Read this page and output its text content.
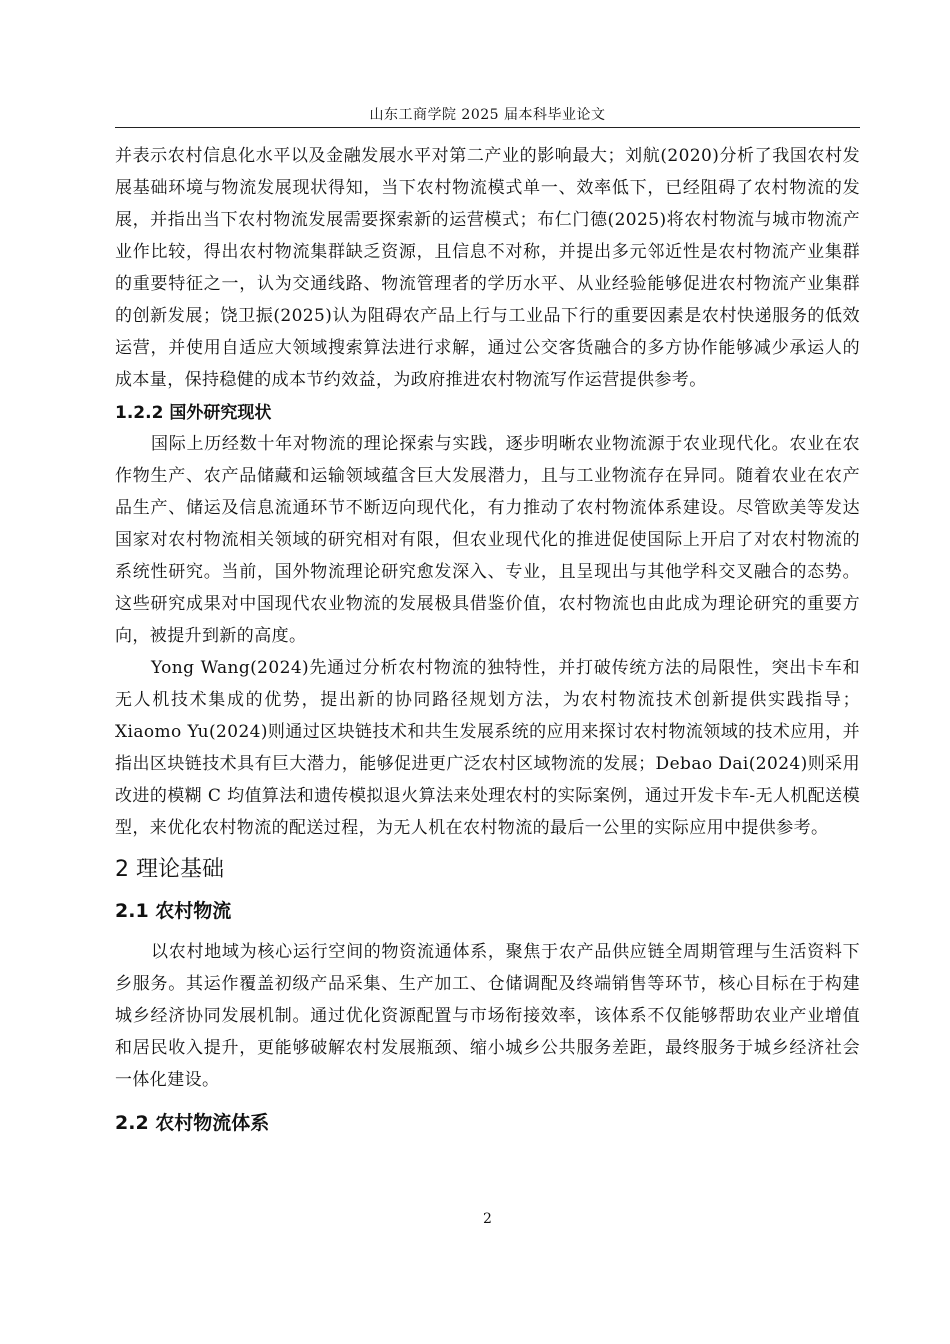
山东工商学院 2025 届本科毕业论文

并表示农村信息化水平以及金融发展水平对第二产业的影响最大；刘航(2020)分析了我国农村发展基础环境与物流发展现状得知，当下农村物流模式单一、效率低下，已经阻碍了农村物流的发展，并指出当下农村物流发展需要探索新的运营模式；布仁门德(2025)将农村物流与城市物流产业作比较，得出农村物流集群缺乏资源，且信息不对称，并提出多元邻近性是农村物流产业集群的重要特征之一，认为交通线路、物流管理者的学历水平、从业经验能够促进农村物流产业集群的创新发展；饶卫振(2025)认为阻碍农产品上行与工业品下行的重要因素是农村快递服务的低效运营，并使用自适应大领域搜索算法进行求解，通过公交客货融合的多方协作能够减少承运人的成本量，保持稳健的成本节约效益，为政府推进农村物流写作运营提供参考。

1.2.2 国外研究现状

国际上历经数十年对物流的理论探索与实践，逐步明晰农业物流源于农业现代化。农业在农作物生产、农产品储藏和运输领域蕴含巨大发展潜力，且与工业物流存在异同。随着农业在农产品生产、储运及信息流通环节不断迈向现代化，有力推动了农村物流体系建设。尽管欧美等发达国家对农村物流相关领域的研究相对有限，但农业现代化的推进促使国际上开启了对农村物流的系统性研究。当前，国外物流理论研究愈发深入、专业，且呈现出与其他学科交叉融合的态势。这些研究成果对中国现代农业物流的发展极具借鉴价值，农村物流也由此成为理论研究的重要方向，被提升到新的高度。

Yong Wang(2024)先通过分析农村物流的独特性，并打破传统方法的局限性，突出卡车和无人机技术集成的优势，提出新的协同路径规划方法，为农村物流技术创新提供实践指导；Xiaomo Yu(2024)则通过区块链技术和共生发展系统的应用来探讨农村物流领域的技术应用，并指出区块链技术具有巨大潜力，能够促进更广泛农村区域物流的发展；Debao Dai(2024)则采用改进的模糊 C 均值算法和遗传模拟退火算法来处理农村的实际案例，通过开发卡车-无人机配送模型，来优化农村物流的配送过程，为无人机在农村物流的最后一公里的实际应用中提供参考。

2 理论基础
2.1 农村物流

以农村地域为核心运行空间的物资流通体系，聚焦于农产品供应链全周期管理与生活资料下乡服务。其运作覆盖初级产品采集、生产加工、仓储调配及终端销售等环节，核心目标在于构建城乡经济协同发展机制。通过优化资源配置与市场衔接效率，该体系不仅能够帮助农业产业增值和居民收入提升，更能够破解农村发展瓶颈、缩小城乡公共服务差距，最终服务于城乡经济社会一体化建设。

2.2 农村物流体系
2
